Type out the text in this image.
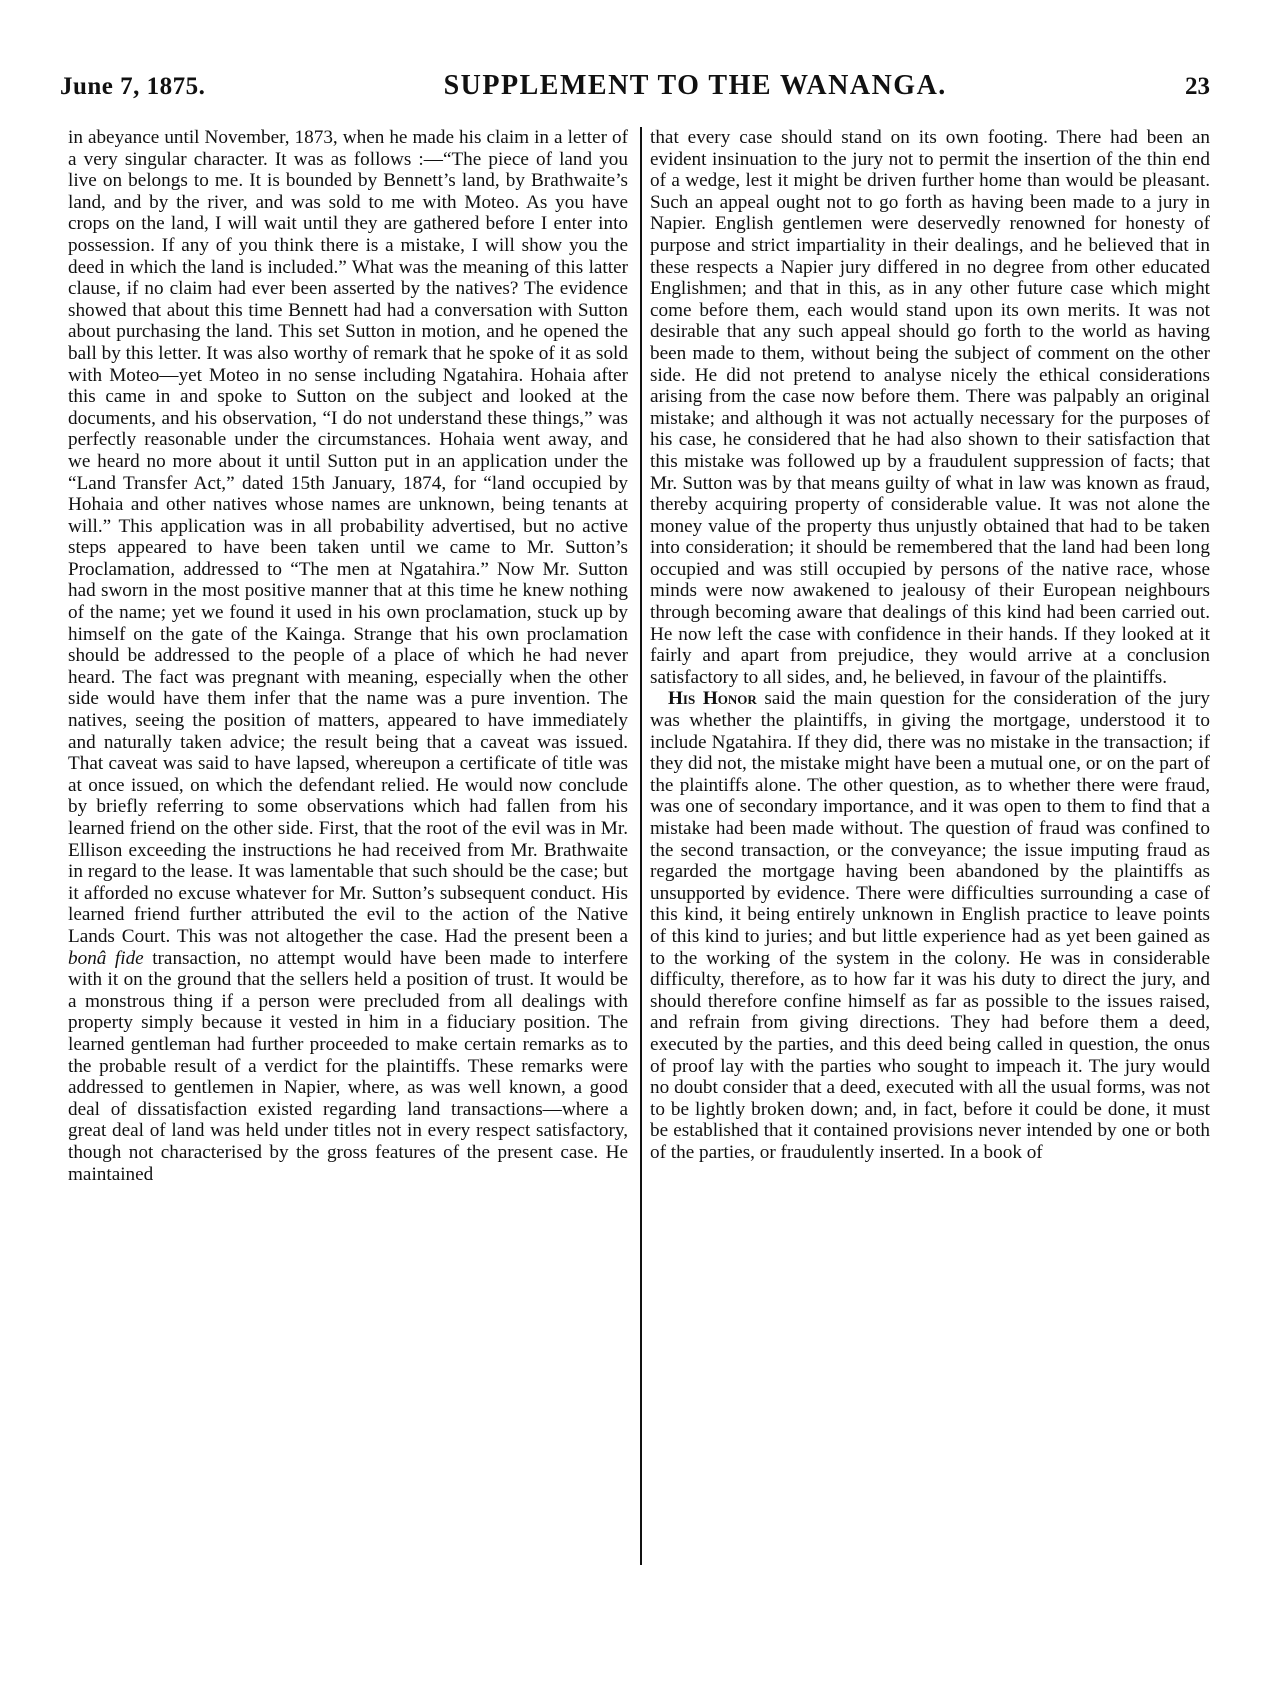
June 7, 1875.	SUPPLEMENT TO THE WANANGA.	23

in abeyance until November, 1873, when he made his claim in a letter of a very singular character. It was as follows :—“The piece of land you live on belongs to me. It is bounded by Bennett’s land, by Brathwaite’s land, and by the river, and was sold to me with Moteo. As you have crops on the land, I will wait until they are gathered before I enter into possession. If any of you think there is a mistake, I will show you the deed in which the land is included.” What was the meaning of this latter clause, if no claim had ever been asserted by the natives? The evidence showed that about this time Bennett had had a conversation with Sutton about purchasing the land. This set Sutton in motion, and he opened the ball by this letter. It was also worthy of remark that he spoke of it as sold with Moteo—yet Moteo in no sense including Ngatahira. Hohaia after this came in and spoke to Sutton on the subject and looked at the documents, and his observation, “I do not understand these things,” was perfectly reasonable under the circumstances. Hohaia went away, and we heard no more about it until Sutton put in an application under the “Land Transfer Act,” dated 15th January, 1874, for “land occupied by Hohaia and other natives whose names are unknown, being tenants at will.” This application was in all probability advertised, but no active steps appeared to have been taken until we came to Mr. Sutton’s Proclamation, addressed to “The men at Ngatahira.” Now Mr. Sutton had sworn in the most positive manner that at this time he knew nothing of the name; yet we found it used in his own proclamation, stuck up by himself on the gate of the Kainga. Strange that his own proclamation should be addressed to the people of a place of which he had never heard. The fact was pregnant with meaning, especially when the other side would have them infer that the name was a pure invention. The natives, seeing the position of matters, appeared to have immediately and naturally taken advice; the result being that a caveat was issued. That caveat was said to have lapsed, whereupon a certificate of title was at once issued, on which the defendant relied. He would now conclude by briefly referring to some observations which had fallen from his learned friend on the other side. First, that the root of the evil was in Mr. Ellison exceeding the instructions he had received from Mr. Brathwaite in regard to the lease. It was lamentable that such should be the case; but it afforded no excuse whatever for Mr. Sutton’s subsequent conduct. His learned friend further attributed the evil to the action of the Native Lands Court. This was not altogether the case. Had the present been a bonâ fide transaction, no attempt would have been made to interfere with it on the ground that the sellers held a position of trust. It would be a monstrous thing if a person were precluded from all dealings with property simply because it vested in him in a fiduciary position. The learned gentleman had further proceeded to make certain remarks as to the probable result of a verdict for the plaintiffs. These remarks were addressed to gentlemen in Napier, where, as was well known, a good deal of dissatisfaction existed regarding land transactions—where a great deal of land was held under titles not in every respect satisfactory, though not characterised by the gross features of the present case. He maintained

that every case should stand on its own footing. There had been an evident insinuation to the jury not to permit the insertion of the thin end of a wedge, lest it might be driven further home than would be pleasant. Such an appeal ought not to go forth as having been made to a jury in Napier. English gentlemen were deservedly renowned for honesty of purpose and strict impartiality in their dealings, and he believed that in these respects a Napier jury differed in no degree from other educated Englishmen; and that in this, as in any other future case which might come before them, each would stand upon its own merits. It was not desirable that any such appeal should go forth to the world as having been made to them, without being the subject of comment on the other side. He did not pretend to analyse nicely the ethical considerations arising from the case now before them. There was palpably an original mistake; and although it was not actually necessary for the purposes of his case, he considered that he had also shown to their satisfaction that this mistake was followed up by a fraudulent suppression of facts; that Mr. Sutton was by that means guilty of what in law was known as fraud, thereby acquiring property of considerable value. It was not alone the money value of the property thus unjustly obtained that had to be taken into consideration; it should be remembered that the land had been long occupied and was still occupied by persons of the native race, whose minds were now awakened to jealousy of their European neighbours through becoming aware that dealings of this kind had been carried out. He now left the case with confidence in their hands. If they looked at it fairly and apart from prejudice, they would arrive at a conclusion satisfactory to all sides, and, he believed, in favour of the plaintiffs.

His Honor said the main question for the consideration of the jury was whether the plaintiffs, in giving the mortgage, understood it to include Ngatahira. If they did, there was no mistake in the transaction; if they did not, the mistake might have been a mutual one, or on the part of the plaintiffs alone. The other question, as to whether there were fraud, was one of secondary importance, and it was open to them to find that a mistake had been made without. The question of fraud was confined to the second transaction, or the conveyance; the issue imputing fraud as regarded the mortgage having been abandoned by the plaintiffs as unsupported by evidence. There were difficulties surrounding a case of this kind, it being entirely unknown in English practice to leave points of this kind to juries; and but little experience had as yet been gained as to the working of the system in the colony. He was in considerable difficulty, therefore, as to how far it was his duty to direct the jury, and should therefore confine himself as far as possible to the issues raised, and refrain from giving directions. They had before them a deed, executed by the parties, and this deed being called in question, the onus of proof lay with the parties who sought to impeach it. The jury would no doubt consider that a deed, executed with all the usual forms, was not to be lightly broken down; and, in fact, before it could be done, it must be established that it contained provisions never intended by one or both of the parties, or fraudulently inserted. In a book of
